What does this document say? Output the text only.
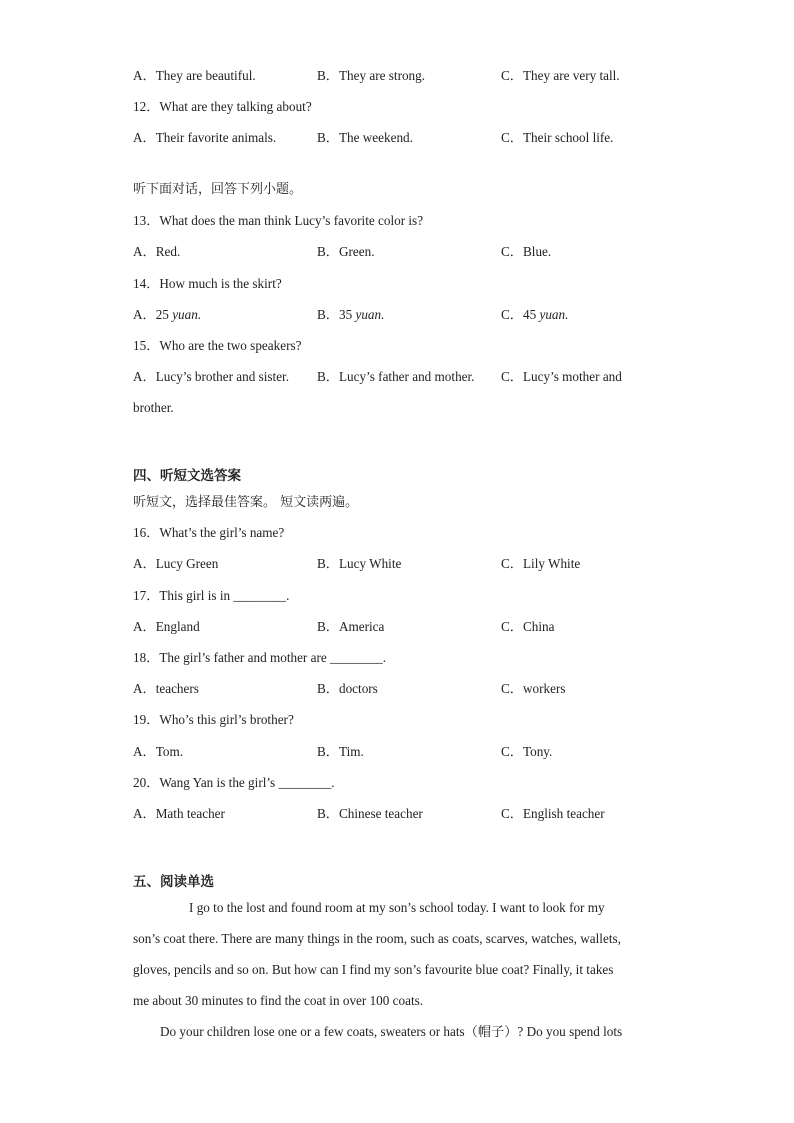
A．They are beautiful.	B．They are strong.	C．They are very tall.
12．What are they talking about?
A．Their favorite animals.	B．The weekend.	C．Their school life.
听下面对话，回答下列小题。
13．What does the man think Lucy’s favorite color is?
A．Red.	B．Green.	C．Blue.
14．How much is the skirt?
A．25 yuan.	B．35 yuan.	C．45 yuan.
15．Who are the two speakers?
A．Lucy’s brother and sister. B．Lucy’s father and mother. C．Lucy’s mother and
brother.
四、听短文选答案
听短文，选择最佳答案。 短文读两遍。
16．What’s the girl’s name?
A．Lucy Green	B．Lucy White	C．Lily White
17．This girl is in ________.
A．England	B．America	C．China
18．The girl’s father and mother are ________.
A．teachers	B．doctors	C．workers
19．Who’s this girl’s brother?
A．Tom.	B．Tim.	C．Tony.
20．Wang Yan is the girl’s ________.
A．Math teacher	B．Chinese teacher	C．English teacher
五、阅读单选
I go to the lost and found room at my son’s school today. I want to look for my
son’s coat there. There are many things in the room, such as coats, scarves, watches, wallets,
gloves, pencils and so on. But how can I find my son’s favourite blue coat? Finally, it takes
me about 30 minutes to find the coat in over 100 coats.
Do your children lose one or a few coats, sweaters or hats（帽子）? Do you spend lots
